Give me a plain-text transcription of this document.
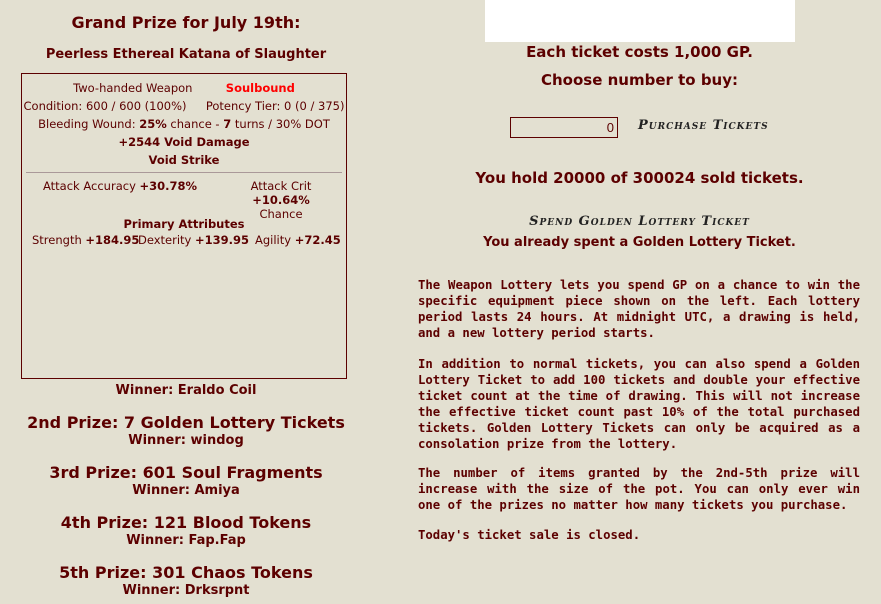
Grand Prize for July 19th:
Peerless Ethereal Katana of Slaughter
Two-handed Weapon	Soulbound
Condition: 600 / 600 (100%) Potency Tier: 0 (0 / 375)
Bleeding Wound: 25% chance - 7 turns / 30% DOT
+2544 Void Damage
Void Strike
Attack Accuracy +30.78%	Attack Crit +10.64%
Chance
Primary Attributes
Strength +184.95
Dexterity +139.95 Agility +72.45
Winner: Eraldo Coil
2nd Prize: 7 Golden Lottery Tickets
Winner: windog
3rd Prize: 601 Soul Fragments
Winner: Amiya
4th Prize: 121 Blood Tokens
Winner: Fap.Fap
5th Prize: 301 Chaos Tokens
Winner: Drksrpnt
Each ticket costs 1,000 GP.
Choose number to buy:
0
Purchase Tickets
You hold 20000 of 300024 sold tickets.
Spend Golden Lottery Ticket
You already spent a Golden Lottery Ticket.
The Weapon Lottery lets you spend GP on a chance to win the specific equipment piece shown on the left. Each lottery period lasts 24 hours. At midnight UTC, a drawing is held, and a new lottery period starts.
In addition to normal tickets, you can also spend a Golden Lottery Ticket to add 100 tickets and double your effective ticket count at the time of drawing. This will not increase the effective ticket count past 10% of the total purchased tickets. Golden Lottery Tickets can only be acquired as a consolation prize from the lottery.
The number of items granted by the 2nd-5th prize will increase with the size of the pot. You can only ever win one of the prizes no matter how many tickets you purchase.
Today's ticket sale is closed.
